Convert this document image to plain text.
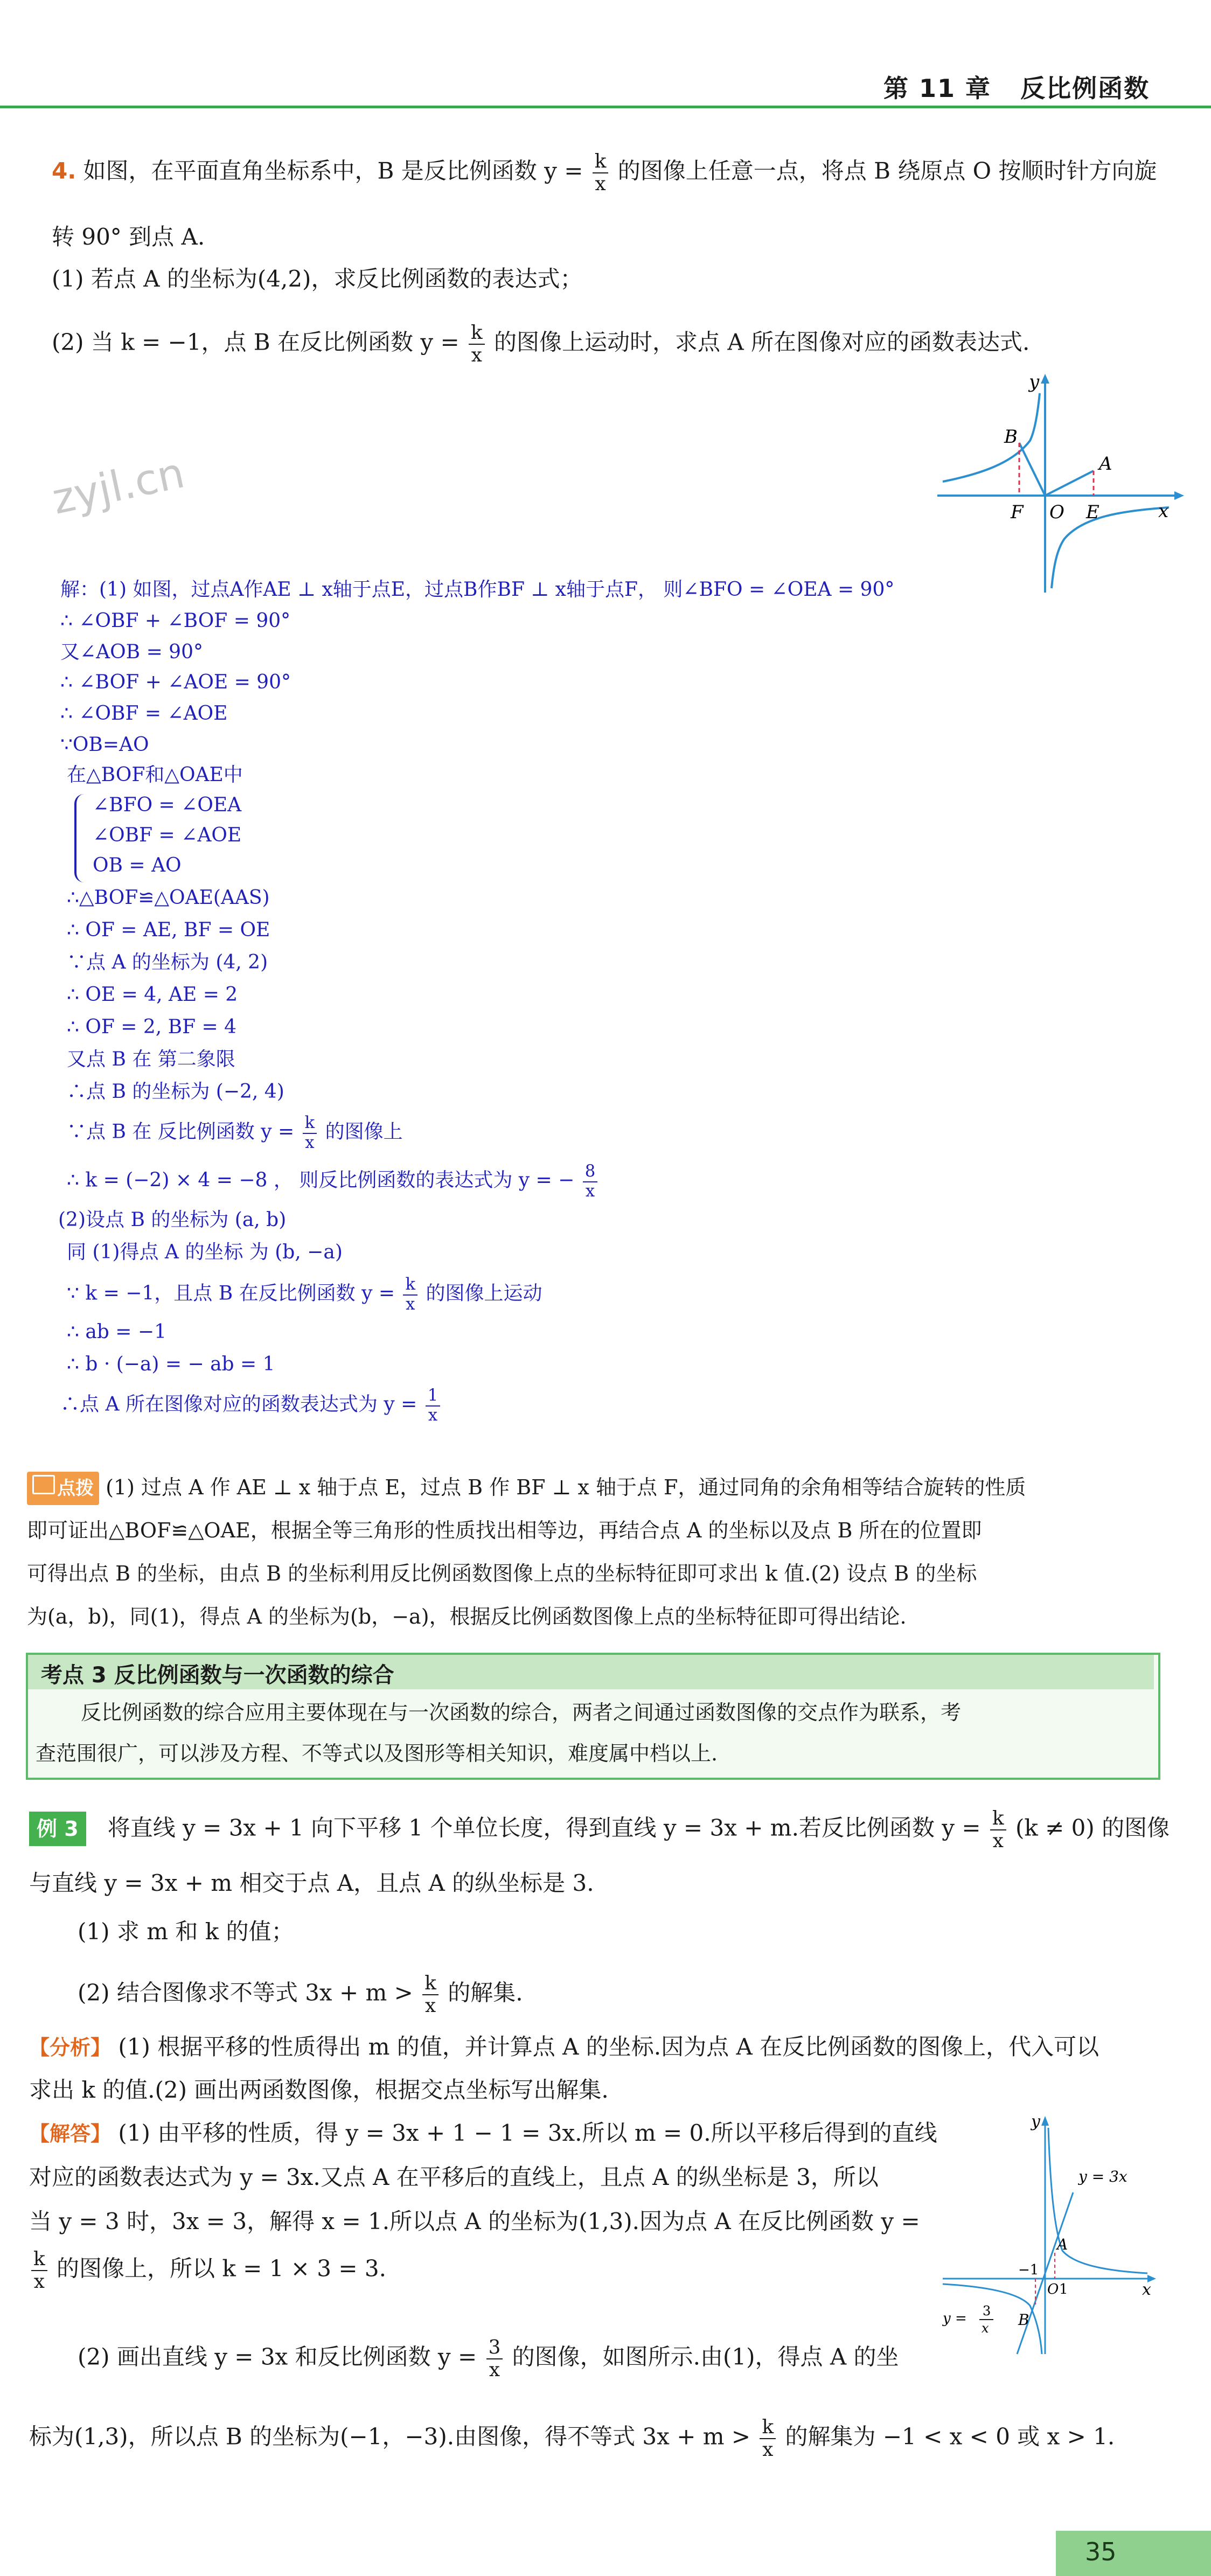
第 11 章 反比例函数
4. 如图，在平面直角坐标系中，B 是反比例函数 $y = \frac{k}{x}$ 的图像上任意一点，将点 B 绕原点 O 按顺时针方向旋
转 90° 到点 A.
(1) 若点 A 的坐标为(4,2)，求反比例函数的表达式；
(2) 当 k = −1，点 B 在反比例函数 $y = \frac{k}{x}$ 的图像上运动时，求点 A 所在图像对应的函数表达式.
y
x
B
A
F O E
zyjl.cn
解：(1) 如图，过点A作AE ⊥ x轴于点E，过点B作BF ⊥ x轴于点F， 则∠BFO = ∠OEA = 90°
∴ ∠OBF + ∠BOF = 90°
又∠AOB = 90°
∴ ∠BOF + ∠AOE = 90°
∴ ∠OBF = ∠AOE
∵OB=AO
在△BOF和△OAE中
∠BFO = ∠OEA
∠OBF = ∠AOE
OB = AO
∴△BOF≌△OAE(AAS)
∴ OF = AE, BF = OE
∵点 A 的坐标为 (4, 2)
∴ OE = 4, AE = 2
∴ OF = 2, BF = 4
又点 B 在 第二象限
∴点 B 的坐标为 (−2, 4)
∵点 B 在 反比例函数 $y = \frac{k}{x}$ 的图像上
∴ k = (−2) × 4 = −8 ， 则反比例函数的表达式为 y = − $\frac{8}{x}$
(2)设点 B 的坐标为 (a, b)
同 (1)得点 A 的坐标 为 (b, −a)
∵ k = −1，且点 B 在反比例函数 $y = \frac{k}{x}$ 的图像上运动
∴ ab = −1
∴ b · (−a) = − ab = 1
∴点 A 所在图像对应的函数表达式为 $y = \frac{1}{x}$
点拨 (1) 过点 A 作 AE ⊥ x 轴于点 E，过点 B 作 BF ⊥ x 轴于点 F，通过同角的余角相等结合旋转的性质
即可证出△BOF≌△OAE，根据全等三角形的性质找出相等边，再结合点 A 的坐标以及点 B 所在的位置即
可得出点 B 的坐标，由点 B 的坐标利用反比例函数图像上点的坐标特征即可求出 k 值.(2) 设点 B 的坐标
为(a，b)，同(1)，得点 A 的坐标为(b，−a)，根据反比例函数图像上点的坐标特征即可得出结论.
考点 3 反比例函数与一次函数的综合
反比例函数的综合应用主要体现在与一次函数的综合，两者之间通过函数图像的交点作为联系，考
查范围很广，可以涉及方程、不等式以及图形等相关知识，难度属中档以上.
例 3 将直线 y = 3x + 1 向下平移 1 个单位长度，得到直线 y = 3x + m.若反比例函数 $y = \frac{k}{x} (k \ne 0)$ 的图像
与直线 y = 3x + m 相交于点 A，且点 A 的纵坐标是 3.
(1) 求 m 和 k 的值；
(2) 结合图像求不等式 $3x + m > \frac{k}{x}$ 的解集.
【分析】 (1) 根据平移的性质得出 m 的值，并计算点 A 的坐标.因为点 A 在反比例函数的图像上，代入可以
求出 k 的值.(2) 画出两函数图像，根据交点坐标写出解集.
【解答】 (1) 由平移的性质，得 y = 3x + 1 − 1 = 3x.所以 m = 0.所以平移后得到的直线
对应的函数表达式为 y = 3x.又点 A 在平移后的直线上，且点 A 的纵坐标是 3，所以
当 y = 3 时，3x = 3，解得 x = 1.所以点 A 的坐标为(1,3).因为点 A 在反比例函数 y =
$\frac{k}{x}$ 的图像上，所以 k = 1 × 3 = 3.
(2) 画出直线 y = 3x 和反比例函数 $y = \frac{3}{x}$ 的图像，如图所示.由(1)，得点 A 的坐
标为(1,3)，所以点 B 的坐标为(−1，−3).由图像，得不等式 $3x + m > \frac{k}{x}$ 的解集为 −1 < x < 0 或 x > 1.
y
x
y = 3x
A
B
O 1
−1
y = 3
x
35
